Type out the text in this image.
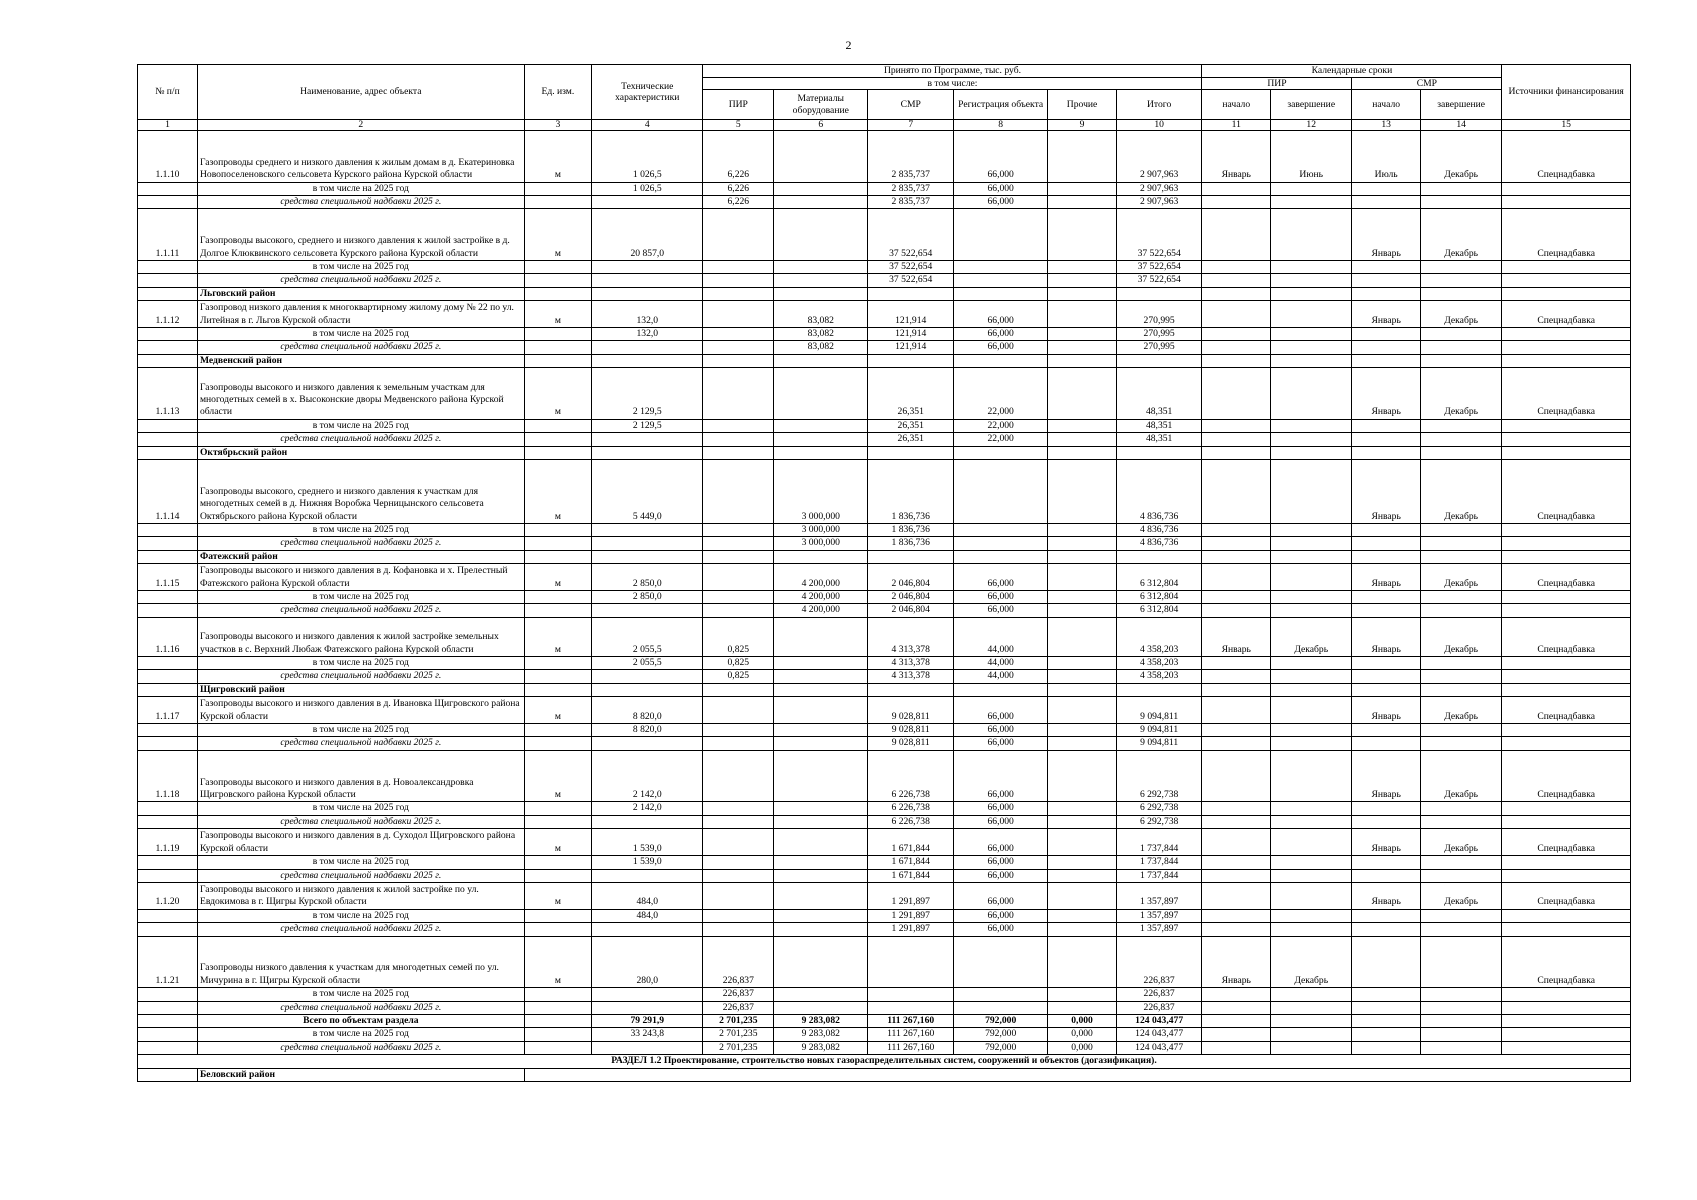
2
№ п/п	Наименование, адрес объекта	Ед. изм.	Технические характеристики	Принято по Программе, тыс. руб.						Календарные сроки				Источники финансирования
				в том числе:						ПИР		СМР		
				ПИР	Материалы оборудование	СМР	Регистрация объекта	Прочие	Итого	начало	завершение	начало	завершение	
1	2	3	4	5	6	7	8	9	10	11	12	13	14	15
1.1.10	Газопроводы среднего и низкого давления к жилым домам в д. Екатериновка Новопоселеновского сельсовета Курского района Курской области	м	1 026,5	6,226		2 835,737	66,000		2 907,963	Январь	Июнь	Июль	Декабрь	Спецнадбавка
	в том числе на 2025 год		1 026,5	6,226		2 835,737	66,000		2 907,963					
	средства специальной надбавки 2025 г.			6,226		2 835,737	66,000		2 907,963					
1.1.11	Газопроводы высокого, среднего и низкого давления к жилой застройке в д. Долгое Клюквинского сельсовета Курского района Курской области	м	20 857,0			37 522,654			37 522,654			Январь	Декабрь	Спецнадбавка
	в том числе на 2025 год					37 522,654			37 522,654					
	средства специальной надбавки 2025 г.					37 522,654			37 522,654					
	Льговский район													
1.1.12	Газопровод низкого давления к многоквартирному жилому дому № 22 по ул. Литейная в г. Льгов Курской области	м	132,0		83,082	121,914	66,000		270,995			Январь	Декабрь	Спецнадбавка
	в том числе на 2025 год		132,0		83,082	121,914	66,000		270,995					
	средства специальной надбавки 2025 г.				83,082	121,914	66,000		270,995					
	Медвенский район													
1.1.13	Газопроводы высокого и низкого давления к земельным участкам для многодетных семей в х. Высоконские дворы Медвенского района Курской области	м	2 129,5			26,351	22,000		48,351			Январь	Декабрь	Спецнадбавка
	в том числе на 2025 год		2 129,5			26,351	22,000		48,351					
	средства специальной надбавки 2025 г.					26,351	22,000		48,351					
	Октябрьский район													
1.1.14	Газопроводы высокого, среднего и низкого давления к участкам для многодетных семей в д. Нижняя Воробжа Черницынского сельсовета Октябрьского района Курской области	м	5 449,0		3 000,000	1 836,736			4 836,736			Январь	Декабрь	Спецнадбавка
	в том числе на 2025 год				3 000,000	1 836,736			4 836,736					
	средства специальной надбавки 2025 г.				3 000,000	1 836,736			4 836,736					
	Фатежский район													
1.1.15	Газопроводы высокого и низкого давления в д. Кофановка и х. Прелестный Фатежского района Курской области	м	2 850,0		4 200,000	2 046,804	66,000		6 312,804			Январь	Декабрь	Спецнадбавка
	в том числе на 2025 год		2 850,0		4 200,000	2 046,804	66,000		6 312,804					
	средства специальной надбавки 2025 г.				4 200,000	2 046,804	66,000		6 312,804					
1.1.16	Газопроводы высокого и низкого давления к жилой застройке земельных участков в с. Верхний Любаж Фатежского района Курской области	м	2 055,5	0,825		4 313,378	44,000		4 358,203	Январь	Декабрь	Январь	Декабрь	Спецнадбавка
	в том числе на 2025 год		2 055,5	0,825		4 313,378	44,000		4 358,203					
	средства специальной надбавки 2025 г.			0,825		4 313,378	44,000		4 358,203					
	Щигровский район													
1.1.17	Газопроводы высокого и низкого давления в д. Ивановка Щигровского района Курской области	м	8 820,0			9 028,811	66,000		9 094,811			Январь	Декабрь	Спецнадбавка
	в том числе на 2025 год		8 820,0			9 028,811	66,000		9 094,811					
	средства специальной надбавки 2025 г.					9 028,811	66,000		9 094,811					
1.1.18	Газопроводы высокого и низкого давления в д. Новоалександровка Щигровского района Курской области	м	2 142,0			6 226,738	66,000		6 292,738			Январь	Декабрь	Спецнадбавка
	в том числе на 2025 год		2 142,0			6 226,738	66,000		6 292,738					
	средства специальной надбавки 2025 г.					6 226,738	66,000		6 292,738					
1.1.19	Газопроводы высокого и низкого давления в д. Суходол Щигровского района Курской области	м	1 539,0			1 671,844	66,000		1 737,844			Январь	Декабрь	Спецнадбавка
	в том числе на 2025 год		1 539,0			1 671,844	66,000		1 737,844					
	средства специальной надбавки 2025 г.					1 671,844	66,000		1 737,844					
1.1.20	Газопроводы высокого и низкого давления к жилой застройке по ул. Евдокимова в г. Щигры Курской области	м	484,0			1 291,897	66,000		1 357,897			Январь	Декабрь	Спецнадбавка
	в том числе на 2025 год		484,0			1 291,897	66,000		1 357,897					
	средства специальной надбавки 2025 г.					1 291,897	66,000		1 357,897					
1.1.21	Газопроводы низкого давления к участкам для многодетных семей по ул. Мичурина в г. Щигры Курской области	м	280,0	226,837					226,837	Январь	Декабрь			Спецнадбавка
	в том числе на 2025 год			226,837					226,837					
	средства специальной надбавки 2025 г.			226,837					226,837					
	Всего по объектам раздела		79 291,9	2 701,235	9 283,082	111 267,160	792,000	0,000	124 043,477					
	в том числе на 2025 год		33 243,8	2 701,235	9 283,082	111 267,160	792,000	0,000	124 043,477					
	средства специальной надбавки 2025 г.			2 701,235	9 283,082	111 267,160	792,000	0,000	124 043,477					
РАЗДЕЛ 1.2 Проектирование, строительство новых газораспределительных систем, сооружений и объектов (догазификация).														
	Беловский район													
